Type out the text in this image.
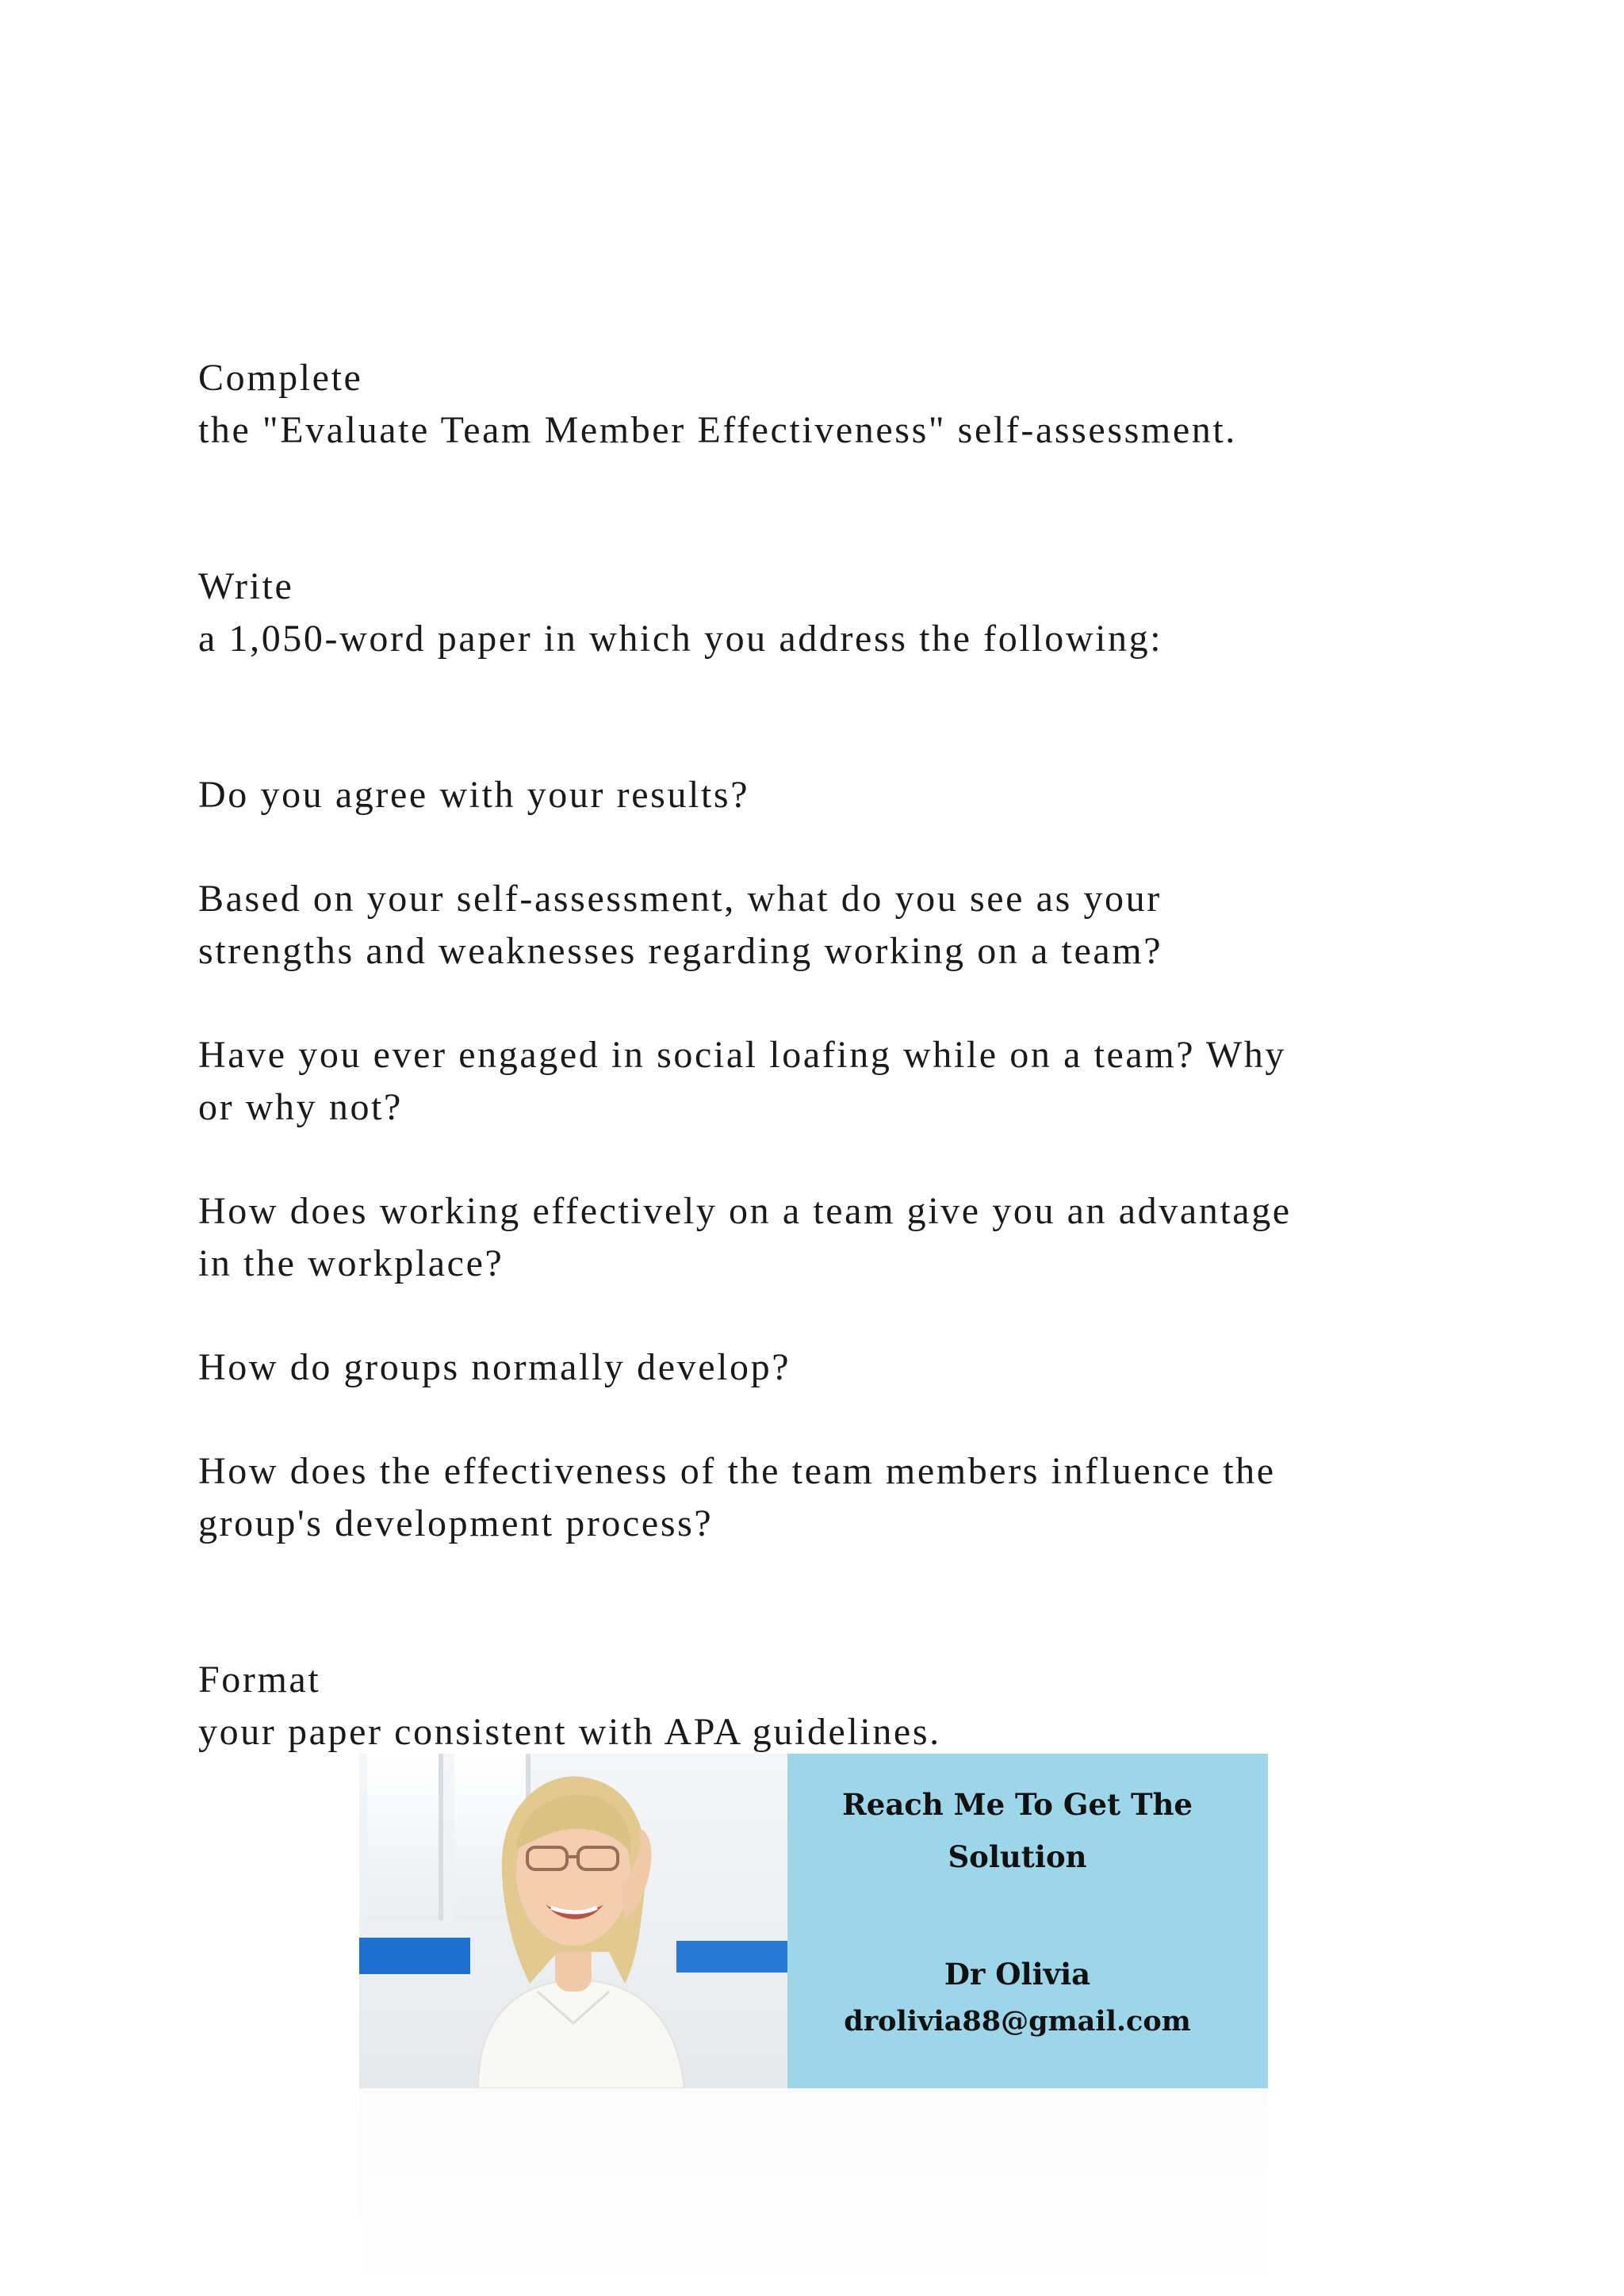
Complete

the "Evaluate Team Member Effectiveness" self-assessment.

Write

a 1,050-word paper in which you address the following:

Do you agree with your results?

Based on your self-assessment, what do you see as your

strengths and weaknesses regarding working on a team?

Have you ever engaged in social loafing while on a team? Why

or why not?

How does working effectively on a team give you an advantage

in the workplace?

How do groups normally develop?

How does the effectiveness of the team members influence the

group's development process?

Format

your paper consistent with APA guidelines.

Reach Me To Get The
Solution
Dr Olivia
drolivia88@gmail.com
